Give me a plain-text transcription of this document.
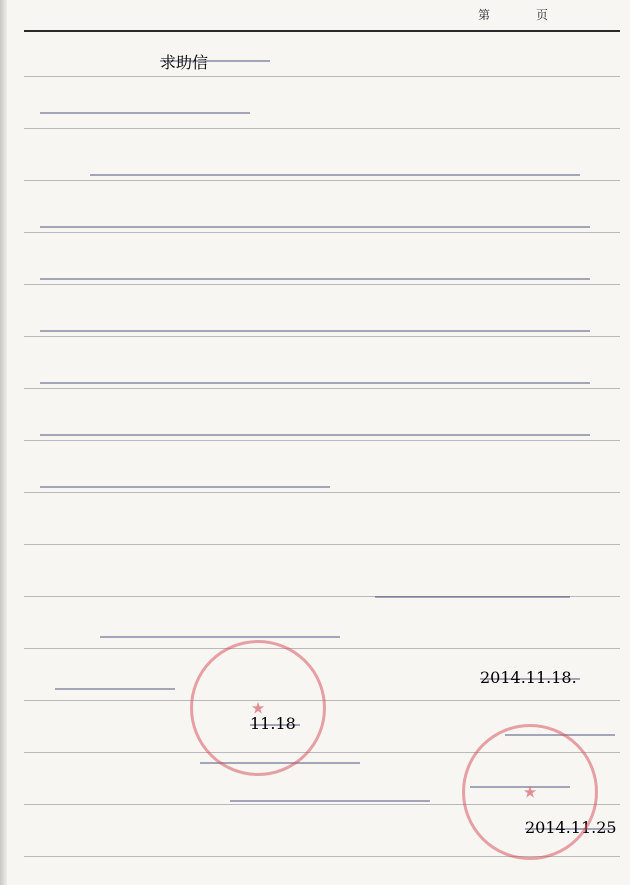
第	页
求助信
2014.11.18.
11.18
2014.11.25
★
★
